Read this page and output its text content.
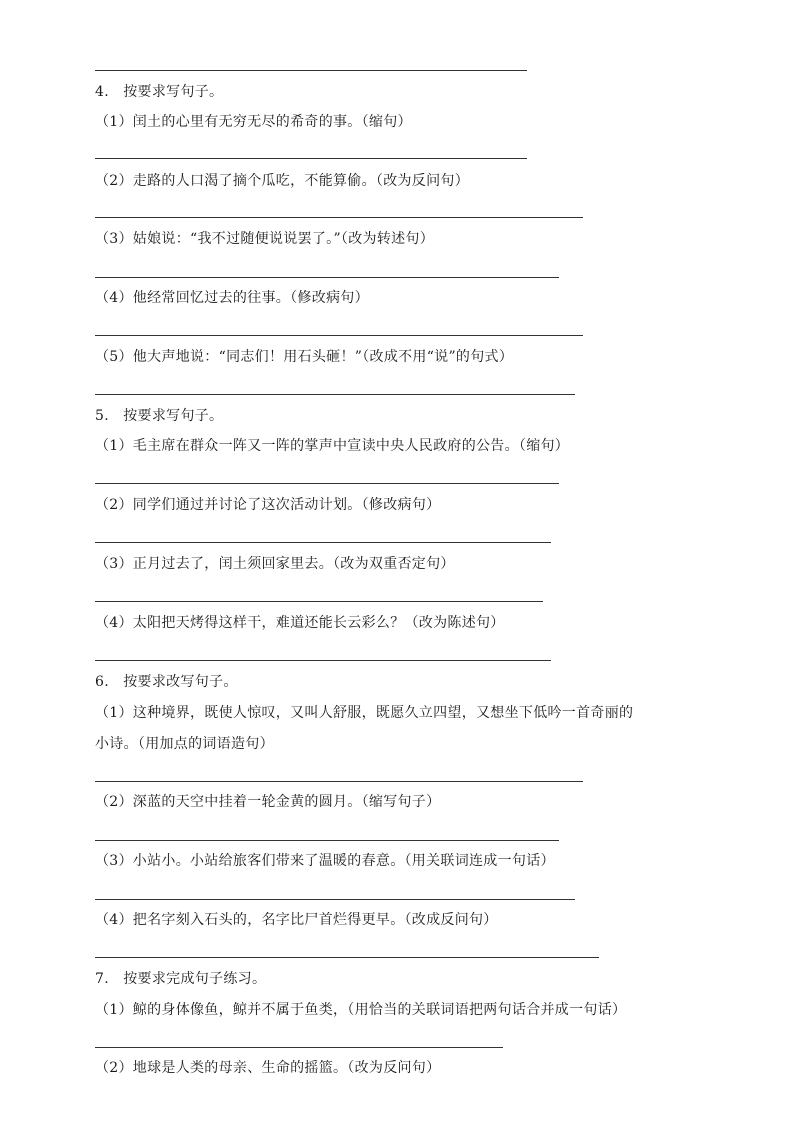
4.　按要求写句子。
（1）闰土的心里有无穷无尽的希奇的事。（缩句）
（2）走路的人口渴了摘个瓜吃，不能算偷。（改为反问句）
（3）姑娘说：“我不过随便说说罢了。”（改为转述句）
（4）他经常回忆过去的往事。（修改病句）
（5）他大声地说：“同志们！用石头砸！”（改成不用“说”的句式）
5.　按要求写句子。
（1）毛主席在群众一阵又一阵的掌声中宣读中央人民政府的公告。（缩句）
（2）同学们通过并讨论了这次活动计划。（修改病句）
（3）正月过去了，闰土须回家里去。（改为双重否定句）
（4）太阳把天烤得这样干，难道还能长云彩么？（改为陈述句）
6.　按要求改写句子。
（1）这种境界，既使人惊叹，又叫人舒服，既愿久立四望，又想坐下低吟一首奇丽的
小诗。（用加点的词语造句）
（2）深蓝的天空中挂着一轮金黄的圆月。（缩写句子）
（3）小站小。小站给旅客们带来了温暖的春意。（用关联词连成一句话）
（4）把名字刻入石头的，名字比尸首烂得更早。（改成反问句）
7.　按要求完成句子练习。
（1）鲸的身体像鱼，鲸并不属于鱼类，（用恰当的关联词语把两句话合并成一句话）
（2）地球是人类的母亲、生命的摇篮。（改为反问句）
